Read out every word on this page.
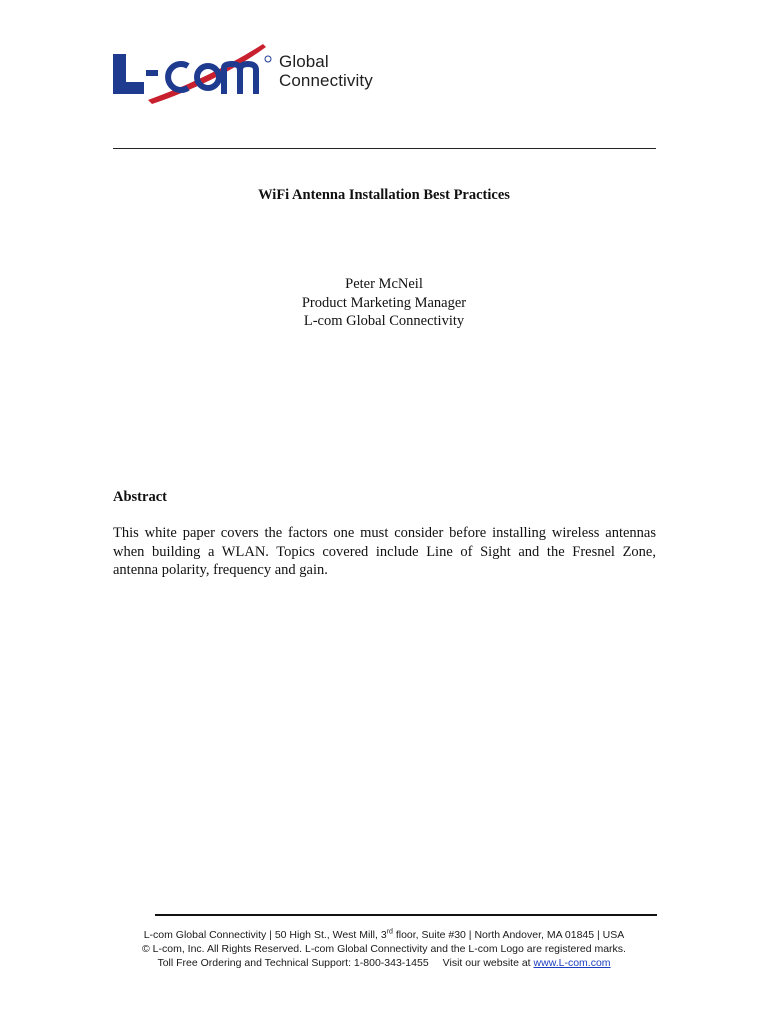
Global
Connectivity
WiFi Antenna Installation Best Practices
Peter McNeil
Product Marketing Manager
L-com Global Connectivity
Abstract
This white paper covers the factors one must consider before installing wireless antennas
when building a WLAN. Topics covered include Line of Sight and the Fresnel Zone,
antenna polarity, frequency and gain.
L-com Global Connectivity | 50 High St., West Mill, 3rd floor, Suite #30 | North Andover, MA 01845 | USA
© L-com, Inc. All Rights Reserved. L-com Global Connectivity and the L-com Logo are registered marks.
Toll Free Ordering and Technical Support: 1-800-343-1455 Visit our website at www.L-com.com
